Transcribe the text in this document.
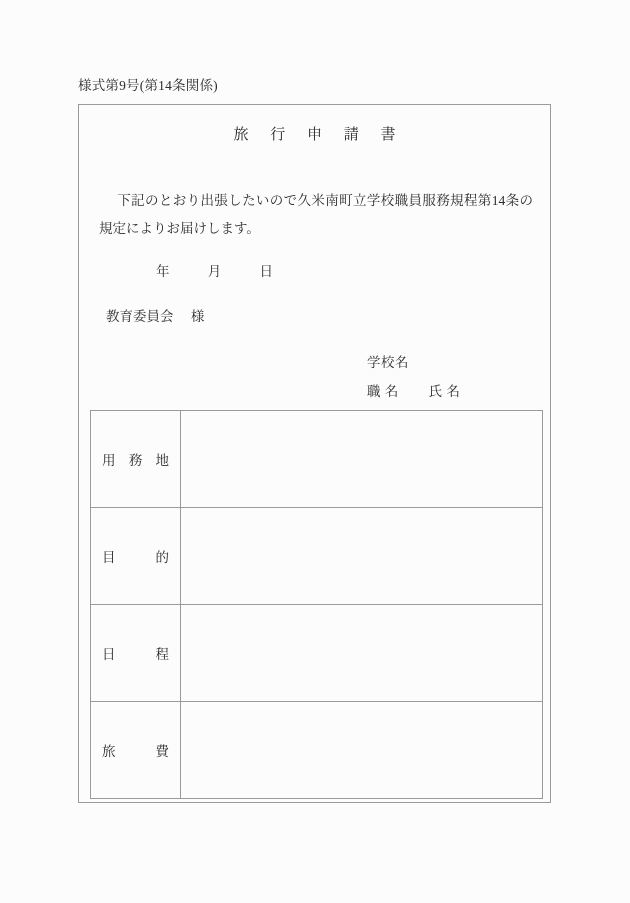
様式第9号(第14条関係)
旅 行 申 請 書
下記のとおり出張したいので久米南町立学校職員服務規程第14条の規定によりお届けします。
年	月	日
教育委員会 様
学校名
職 名 氏 名
用 務 地	

目 的	

日 程	

旅 費	
